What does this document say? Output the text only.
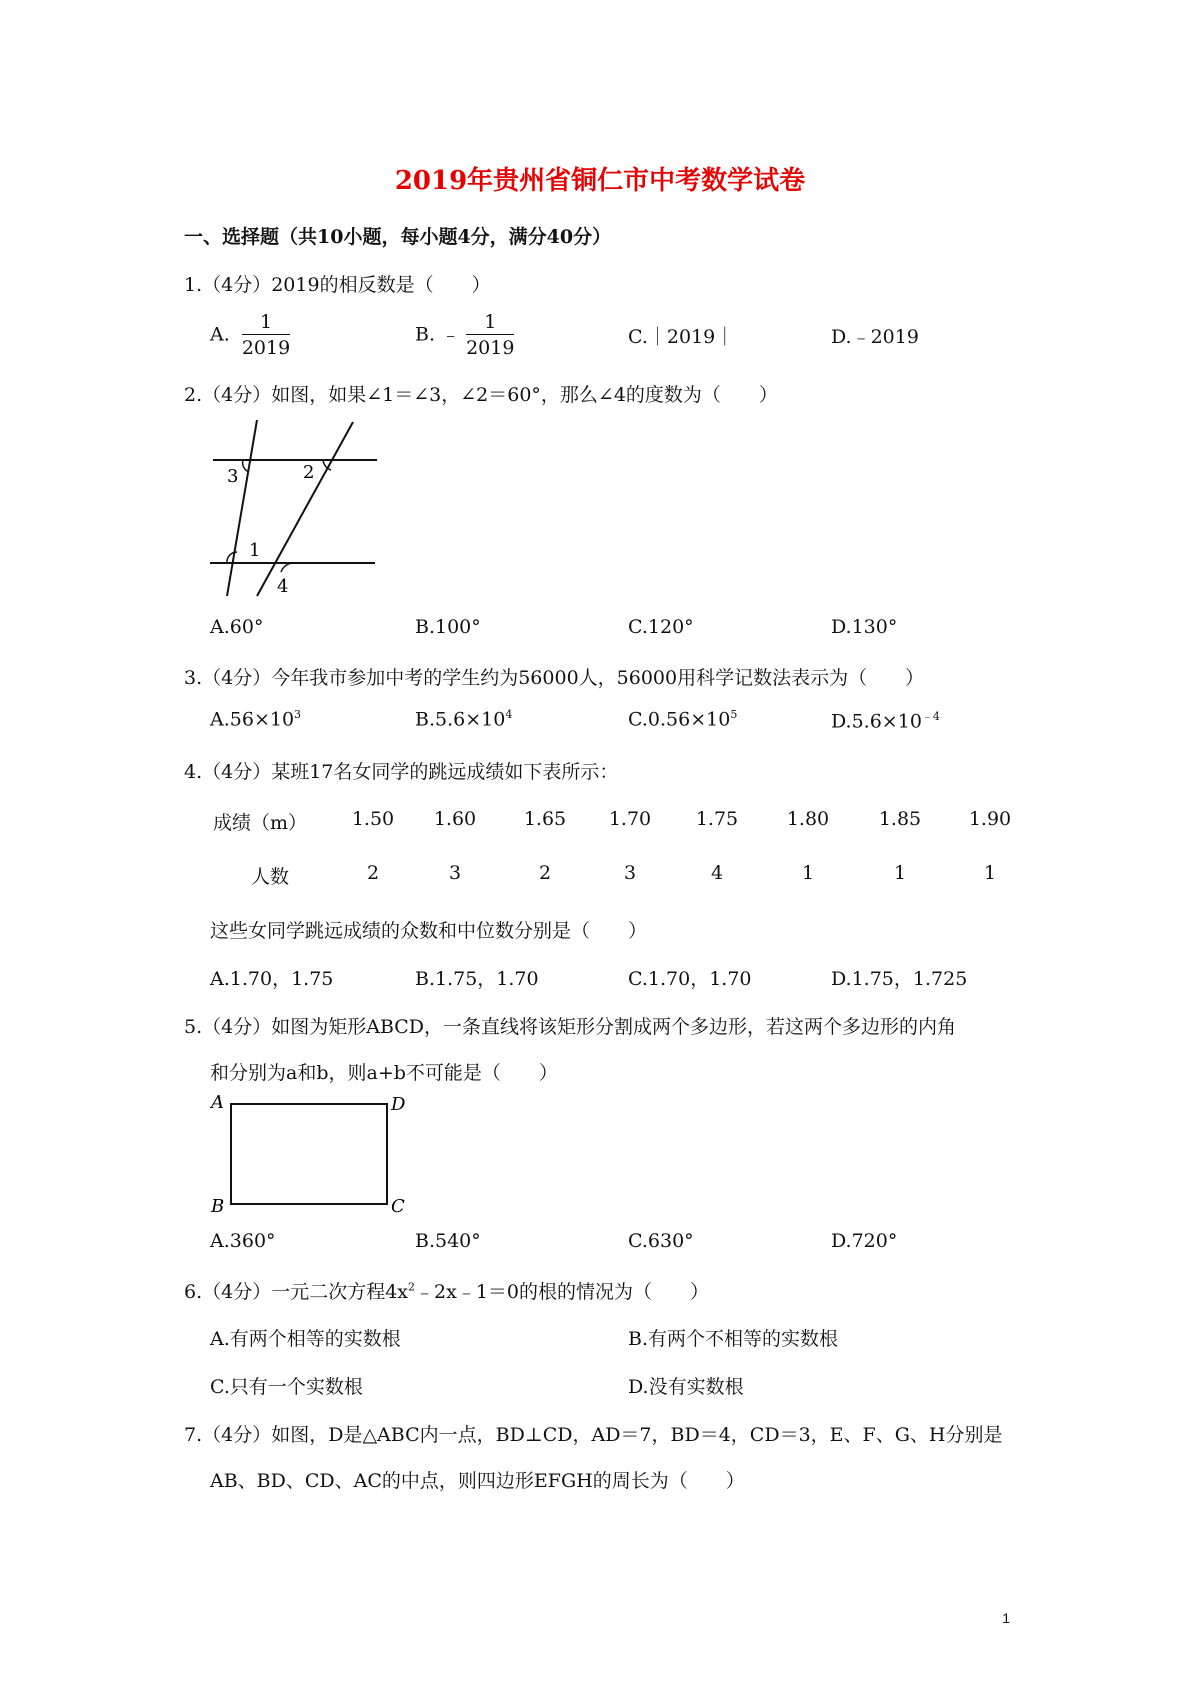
2019年贵州省铜仁市中考数学试卷
一、选择题（共10小题，每小题4分，满分40分）
1.（4分）2019的相反数是（　　）
A. $\frac{1}{2019}$	B. ﹣ $\frac{1}{2019}$	C.｜2019｜	D.﹣2019
2.（4分）如图，如果∠1＝∠3，∠2＝60°，那么∠4的度数为（　　）
3	2
1
4
A.60°	B.100°	C.120°	D.130°
3.（4分）今年我市参加中考的学生约为56000人，56000用科学记数法表示为（　　）
$A.56\times 10^3$	$B.5.6\times 10^4$	$C.0.56\times 10^5$	$D.5.6\times 10^{﹣4}$
4.（4分）某班17名女同学的跳远成绩如下表所示：
成绩（m）	1.50	1.60	1.65	1.70	1.75	1.80	1.85	1.90
人数	2	3	2	3	4	1	1	1
这些女同学跳远成绩的众数和中位数分别是（　　）
A.1.70，1.75	B.1.75，1.70	C.1.70，1.70	D.1.75，1.725
5.（4分）如图为矩形ABCD，一条直线将该矩形分割成两个多边形，若这两个多边形的内角
和分别为a和b，则a+b不可能是（　　）
A	D
B	C
A.360°	B.540°	C.630°	D.720°
6.（4分）一元二次方程$4x^2﹣2x﹣1=0$的根的情况为（　　）
A.有两个相等的实数根	B.有两个不相等的实数根
C.只有一个实数根	D.没有实数根
7.（4分）如图，D是△ABC内一点，BD⊥CD，AD＝7，BD＝4，CD＝3，E、F、G、H分别是
AB、BD、CD、AC的中点，则四边形EFGH的周长为（　　）
1
